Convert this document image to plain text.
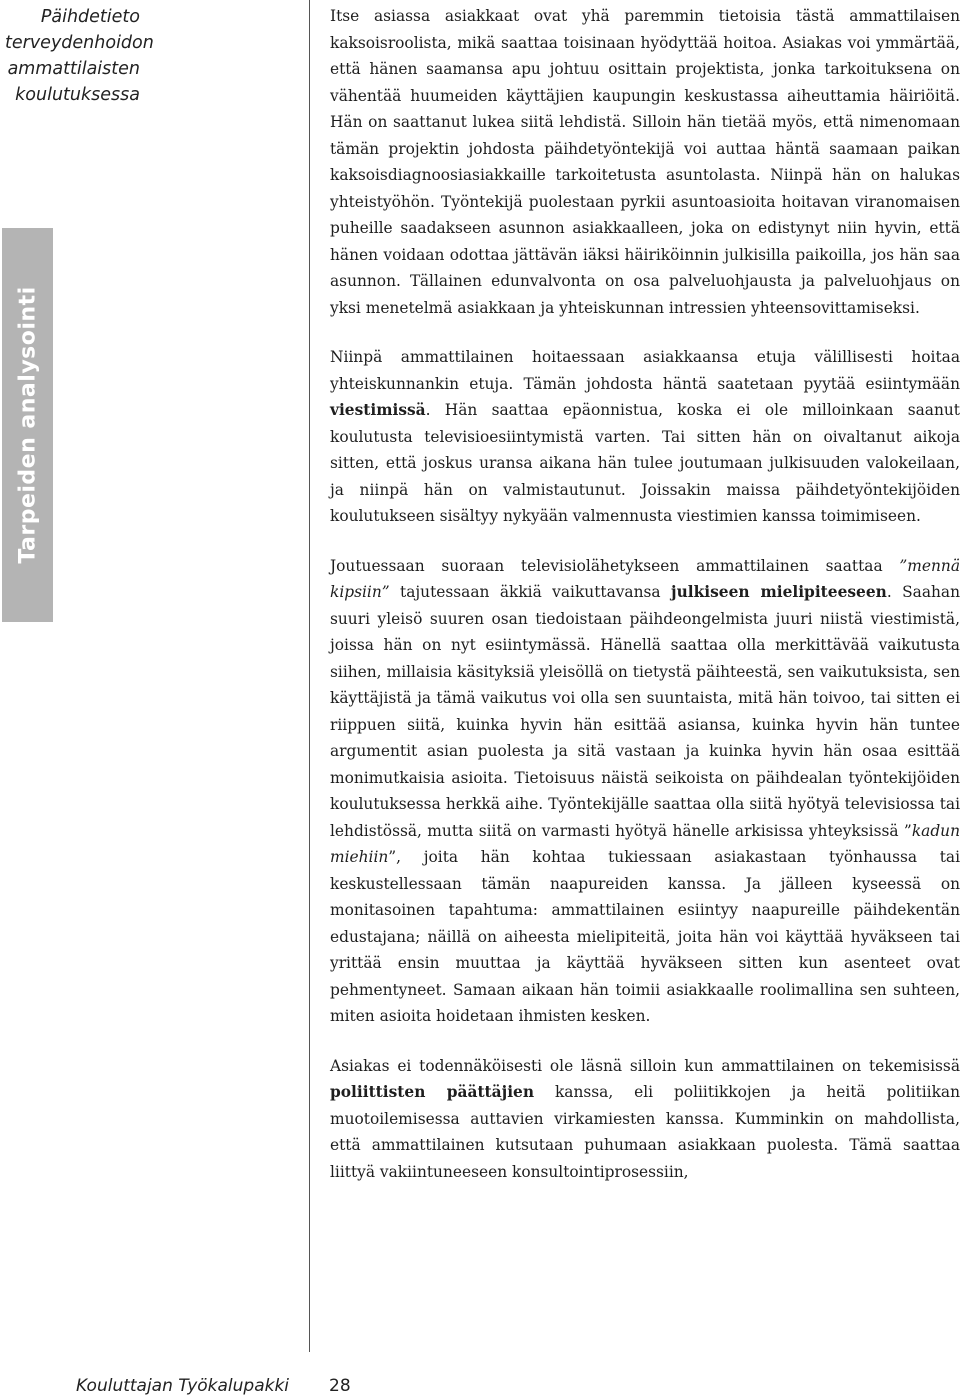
Päihdetieto
terveydenhoidon
ammattilaisten
koulutuksessa
Tarpeiden analysointi

Itse asiassa asiakkaat ovat yhä paremmin tietoisia tästä ammattilaisen kaksoisroolista, mikä saattaa toisinaan hyödyttää hoitoa. Asiakas voi ymmärtää, että hänen saamansa apu johtuu osittain projektista, jonka tarkoituksena on vähentää huumeiden käyttäjien kaupungin keskustassa aiheuttamia häiriöitä. Hän on saattanut lukea siitä lehdistä. Silloin hän tietää myös, että nimenomaan tämän projektin johdosta päihdetyöntekijä voi auttaa häntä saamaan paikan kaksoisdiagnoosiasiakkaille tarkoitetusta asuntolasta. Niinpä hän on halukas yhteistyöhön. Työntekijä puolestaan pyrkii asuntoasioita hoitavan viranomaisen puheille saadakseen asunnon asiakkaalleen, joka on edistynyt niin hyvin, että hänen voidaan odottaa jättävän iäksi häiriköinnin julkisilla paikoilla, jos hän saa asunnon. Tällainen edunvalvonta on osa palveluohjausta ja palveluohjaus on yksi menetelmä asiakkaan ja yhteiskunnan intressien yhteensovittamiseksi.

Niinpä ammattilainen hoitaessaan asiakkaansa etuja välillisesti hoitaa yhteiskunnankin etuja. Tämän johdosta häntä saatetaan pyytää esiintymään viestimissä. Hän saattaa epäonnistua, koska ei ole milloinkaan saanut koulutusta televisioesiintymistä varten. Tai sitten hän on oivaltanut aikoja sitten, että joskus uransa aikana hän tulee joutumaan julkisuuden valokeilaan, ja niinpä hän on valmistautunut. Joissakin maissa päihdetyöntekijöiden koulutukseen sisältyy nykyään valmennusta viestimien kanssa toimimiseen.

Joutuessaan suoraan televisiolähetykseen ammattilainen saattaa ”mennä kipsiin” tajutessaan äkkiä vaikuttavansa julkiseen mielipiteeseen. Saahan suuri yleisö suuren osan tiedoistaan päihdeongelmista juuri niistä viestimistä, joissa hän on nyt esiintymässä. Hänellä saattaa olla merkittävää vaikutusta siihen, millaisia käsityksiä yleisöllä on tietystä päihteestä, sen vaikutuksista, sen käyttäjistä ja tämä vaikutus voi olla sen suuntaista, mitä hän toivoo, tai sitten ei riippuen siitä, kuinka hyvin hän esittää asiansa, kuinka hyvin hän tuntee argumentit asian puolesta ja sitä vastaan ja kuinka hyvin hän osaa esittää monimutkaisia asioita. Tietoisuus näistä seikoista on päihdealan työntekijöiden koulutuksessa herkkä aihe. Työntekijälle saattaa olla siitä hyötyä televisiossa tai lehdistössä, mutta siitä on varmasti hyötyä hänelle arkisissa yhteyksissä ”kadun miehiin”, joita hän kohtaa tukiessaan asiakastaan työnhaussa tai keskustellessaan tämän naapureiden kanssa. Ja jälleen kyseessä on monitasoinen tapahtuma: ammattilainen esiintyy naapureille päihdekentän edustajana; näillä on aiheesta mielipiteitä, joita hän voi käyttää hyväkseen tai yrittää ensin muuttaa ja käyttää hyväkseen sitten kun asenteet ovat pehmentyneet. Samaan aikaan hän toimii asiakkaalle roolimallina sen suhteen, miten asioita hoidetaan ihmisten kesken.

Asiakas ei todennäköisesti ole läsnä silloin kun ammattilainen on tekemisissä poliittisten päättäjien kanssa, eli poliitikkojen ja heitä politiikan muotoilemisessa auttavien virkamiesten kanssa. Kumminkin on mahdollista, että ammattilainen kutsutaan puhumaan asiakkaan puolesta. Tämä saattaa liittyä vakiintuneeseen konsultointiprosessiin,

Kouluttajan Työkalupakki 28
